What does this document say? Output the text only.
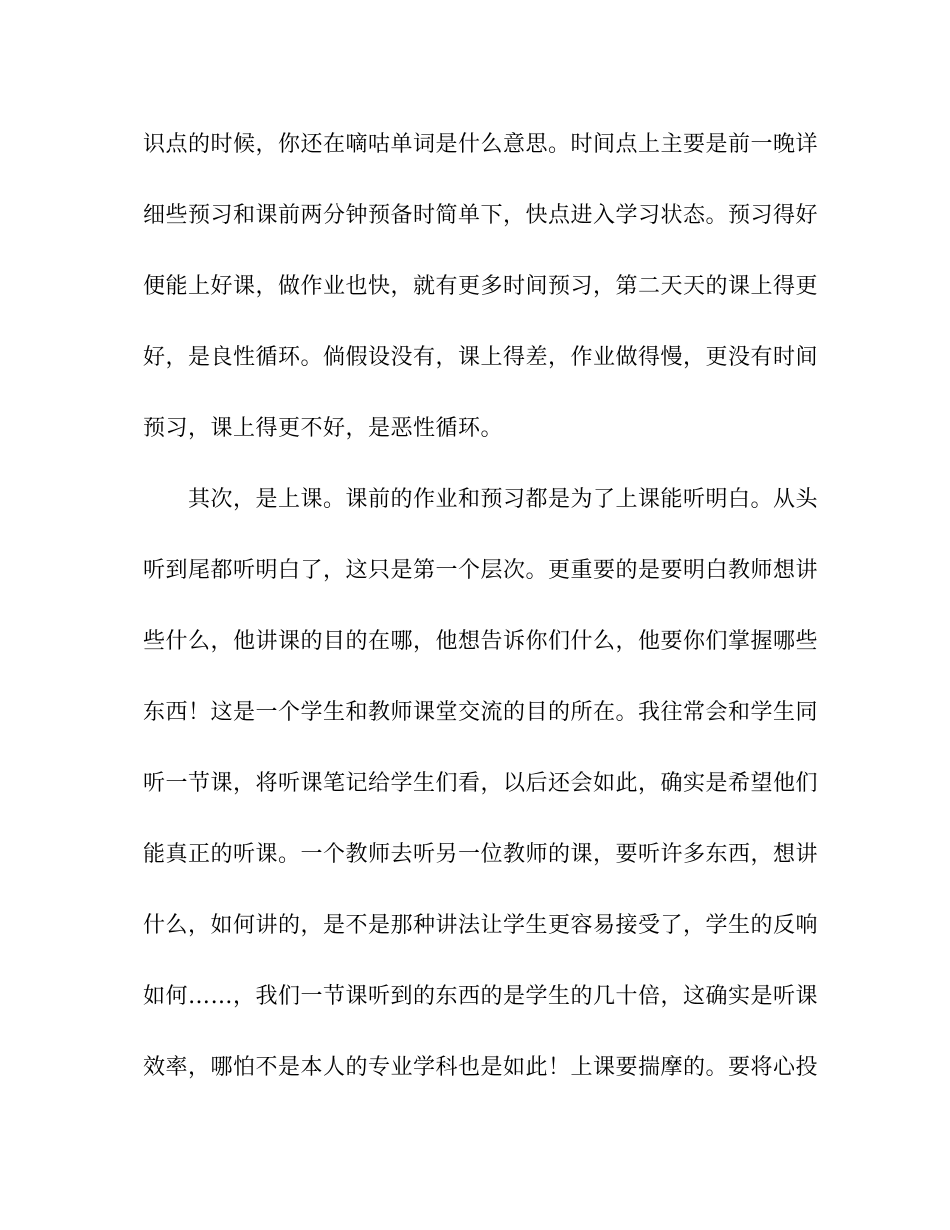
识点的时候，你还在嘀咕单词是什么意思。时间点上主要是前一晚详
细些预习和课前两分钟预备时简单下，快点进入学习状态。预习得好
便能上好课，做作业也快，就有更多时间预习，第二天天的课上得更
好，是良性循环。倘假设没有，课上得差，作业做得慢，更没有时间
预习，课上得更不好，是恶性循环。
　　其次，是上课。课前的作业和预习都是为了上课能听明白。从头
听到尾都听明白了，这只是第一个层次。更重要的是要明白教师想讲
些什么，他讲课的目的在哪，他想告诉你们什么，他要你们掌握哪些
东西！这是一个学生和教师课堂交流的目的所在。我往常会和学生同
听一节课，将听课笔记给学生们看，以后还会如此，确实是希望他们
能真正的听课。一个教师去听另一位教师的课，要听许多东西，想讲
什么，如何讲的，是不是那种讲法让学生更容易接受了，学生的反响
如何……，我们一节课听到的东西的是学生的几十倍，这确实是听课
效率，哪怕不是本人的专业学科也是如此！上课要揣摩的。要将心投
